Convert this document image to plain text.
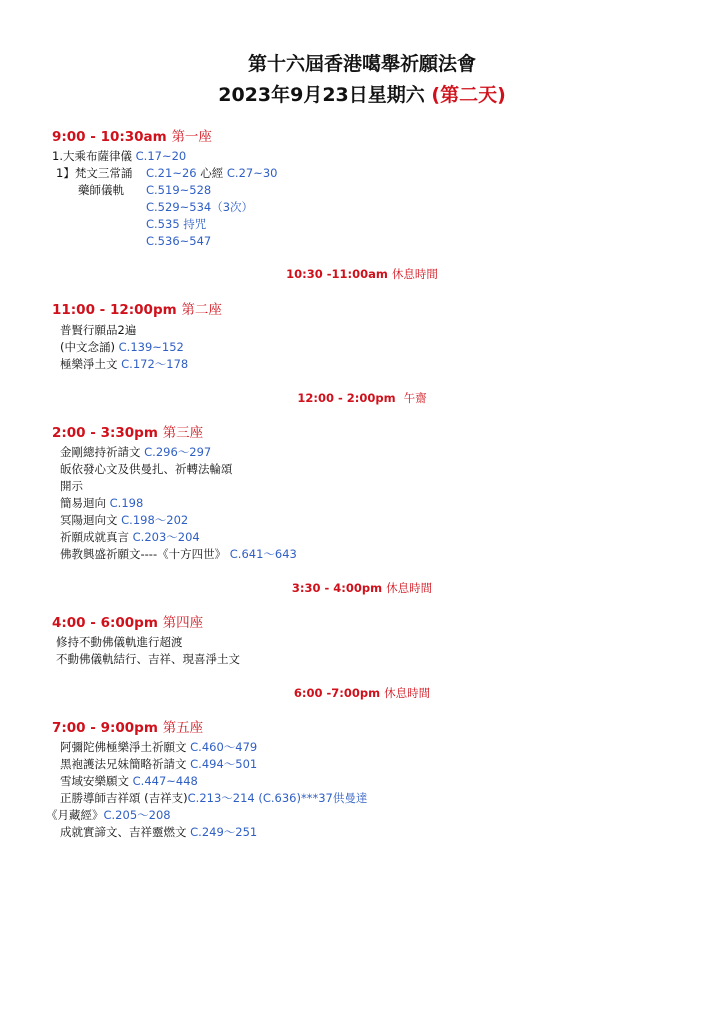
第十六屆香港噶舉祈願法會
2023年9月23日星期六 (第二天)
9:00 - 10:30am 第一座
1.大乘布薩律儀 C.17~20
1】梵文三常誦 C.21~26 心經 C.27~30
藥師儀軌 C.519~528
C.529~534（3次）
C.535 持咒
C.536~547
10:30 -11:00am 休息時間
11:00 - 12:00pm 第二座
普賢行願品2遍
(中文念誦) C.139~152
極樂淨土文 C.172～178
12:00 - 2:00pm 午齋
2:00 - 3:30pm 第三座
金剛總持祈請文 C.296～297
皈依發心文及供曼扎、祈轉法輪頌
開示
簡易迴向 C.198
冥陽迴向文 C.198～202
祈願成就真言 C.203～204
佛教興盛祈願文----《十方四世》 C.641～643
3:30 - 4:00pm 休息時間
4:00 - 6:00pm 第四座
修持不動佛儀軌進行超渡
不動佛儀軌結行、吉祥、現喜淨土文
6:00 -7:00pm 休息時間
7:00 - 9:00pm 第五座
阿彌陀佛極樂淨土祈願文 C.460～479
黑袍護法兄妹簡略祈請文 C.494～501
雪域安樂願文 C.447~448
正勝導師吉祥頌 (吉祥支)C.213～214 (C.636)***37供曼達
《月藏經》C.205～208
成就實諦文、吉祥靈燃文 C.249～251
